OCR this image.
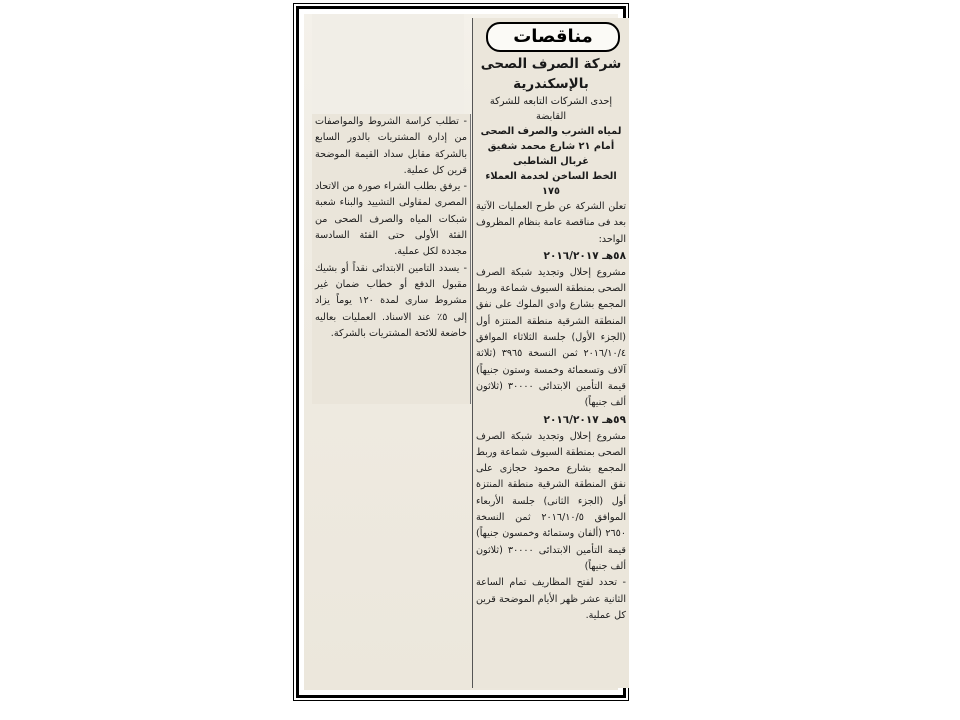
مناقصات

شركة الصرف الصحى بالإسكندرية

إحدى الشركات التابعه للشركة القابضة

لمياه الشرب والصرف الصحى

أمام ٢١ شارع محمد شفيق غربال الشاطبى

الخط الساخن لخدمة العملاء ١٧٥

تعلن الشركة عن طرح العمليات الآتية بعد فى مناقصة عامة بنظام المظروف الواحد:

٥٨هـ ٢٠١٦/٢٠١٧

مشروع إحلال وتجديد شبكة الصرف الصحى بمنطقة السيوف شماعة وربط المجمع بشارع وادى الملوك على نفق المنطقة الشرقية منطقة المنتزة أول (الجزء الأول) جلسة الثلاثاء الموافق ٢٠١٦/١٠/٤ ثمن النسخة ٣٩٦٥ (ثلاثة آلاف وتسعمائة وخمسة وستون جنيهاً) قيمة التأمين الابتدائى ٣٠٠٠٠ (ثلاثون ألف جنيهاً)

٥٩هـ ٢٠١٦/٢٠١٧

مشروع إحلال وتجديد شبكة الصرف الصحى بمنطقة السيوف شماعة وربط المجمع بشارع محمود حجازى على نفق المنطقة الشرقية منطقة المنتزة أول (الجزء الثانى) جلسة الأربعاء الموافق ٢٠١٦/١٠/٥ ثمن النسخة ٢٦٥٠ (ألفان وستمائة وخمسون جنيهاً) قيمة التأمين الابتدائى ٣٠٠٠٠ (ثلاثون ألف جنيهاً)

- تحدد لفتح المظاريف تمام الساعة الثانية عشر ظهر الأيام الموضحة قرين كل عملية.

- تطلب كراسة الشروط والمواصفات من إدارة المشتريات بالدور السابع بالشركة مقابل سداد القيمة الموضحة قرين كل عملية.

- يرفق بطلب الشراء صورة من الاتحاد المصرى لمقاولى التشييد والبناء شعبة شبكات المياه والصرف الصحى من الفئة الأولى حتى الفئة السادسة مجددة لكل عملية.

- يسدد التامين الابتدائى نقداً أو بشيك مقبول الدفع أو خطاب ضمان غير مشروط سارى لمدة ١٢٠ يوماً يزاد إلى ٥٪ عند الاسناد. العمليات بعاليه خاضعة للائحة المشتريات بالشركة.
